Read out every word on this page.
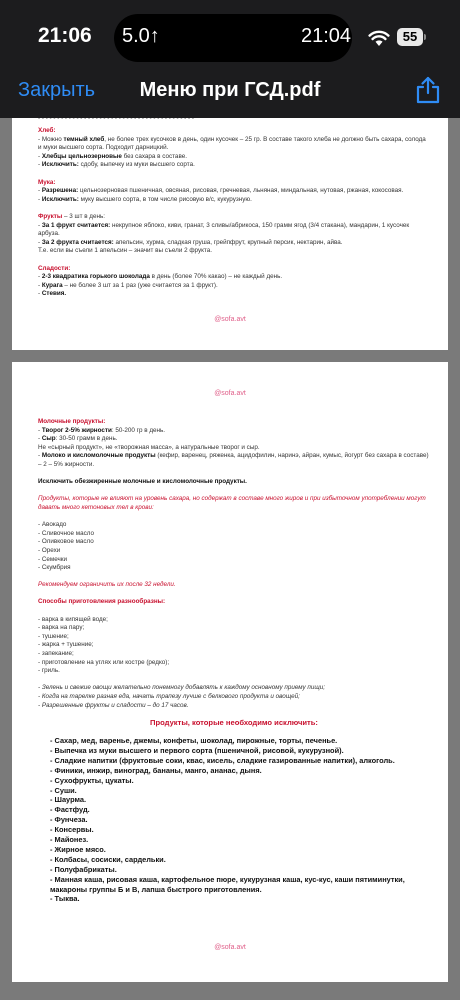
21:06 5.0↑	21:04	55
Закрыть	Меню при ГСД.pdf
- - - - - - - - - - - - - - - - - - - - - - - - - - - - - - - - - - - - - - - - -

Хлеб:

- Можно темный хлеб, не более трех кусочков в день, один кусочек – 25 гр. В составе такого хлеба не должно быть сахара, солода и муки высшего сорта. Подходит дарницкий.

- Хлебцы цельнозерновые без сахара в составе.

- Исключить: сдобу, выпечку из муки высшего сорта.

Мука:

- Разрешена: цельнозерновая пшеничная, овсяная, рисовая, гречневая, льняная, миндальная, нутовая, ржаная, кокосовая.

- Исключить: муку высшего сорта, в том числе рисовую в/с, кукурузную.

Фрукты – 3 шт в день:

- За 1 фрукт считается: некрупное яблоко, киви, гранат, 3 сливы/абрикоса, 150 грамм ягод (3/4 стакана), мандарин, 1 кусочек арбуза.

- За 2 фрукта считается: апельсин, хурма, сладкая груша, грейпфрут, крупный персик, нектарин, айва.

Т.е. если вы съели 1 апельсин – значит вы съели 2 фрукта.

Сладости:

- 2-3 квадратика горького шоколада в день (более 70% какао) – не каждый день.

- Курага – не более 3 шт за 1 раз (уже считается за 1 фрукт).

- Стевия.

@sofa.avt
@sofa.avt

Молочные продукты:

- Творог 2-5% жирности: 50-200 гр в день.

- Сыр: 30-50 грамм в день.

Не «сырный продукт», не «творожная масса», а натуральные творог и сыр.

- Молоко и кисломолочные продукты (кефир, варенец, ряженка, ацидофилин, наринэ, айран, кумыс, йогурт без сахара в составе) – 2 – 5% жирности.

Исключить обезжиренные молочные и кисломолочные продукты.

Продукты, которые не влияют на уровень сахара, но содержат в составе много жиров и при избыточном употреблении могут давать много кетоновых тел в крови:

- Авокадо

- Сливочное масло

- Оливковое масло

- Орехи

- Семечки

- Скумбрия

Рекомендуем ограничить их после 32 недели.

Способы приготовления разнообразны:

- варка в кипящей воде;

- варка на пару;

- тушение;

- жарка + тушение;

- запекание;

- приготовление на углях или костре (редко);

- гриль.

- Зелень и свежие овощи желательно понемногу добавлять к каждому основному приему пищи;

- Когда на тарелке разная еда, начать трапезу лучше с белкового продукта и овощей;

- Разрешенные фрукты и сладости – до 17 часов.

Продукты, которые необходимо исключить:

- Сахар, мед, варенье, джемы, конфеты, шоколад, пирожные, торты, печенье.

- Выпечка из муки высшего и первого сорта (пшеничной, рисовой, кукурузной).

- Сладкие напитки (фруктовые соки, квас, кисель, сладкие газированные напитки), алкоголь.

- Финики, инжир, виноград, бананы, манго, ананас, дыня.

- Сухофрукты, цукаты.

- Суши.

- Шаурма.

- Фастфуд.

- Фунчеза.

- Консервы.

- Майонез.

- Жирное мясо.

- Колбасы, сосиски, сардельки.

- Полуфабрикаты.

- Манная каша, рисовая каша, картофельное пюре, кукурузная каша, кус-кус, каши пятиминутки, макароны группы Б и В, лапша быстрого приготовления.

- Тыква.

@sofa.avt
